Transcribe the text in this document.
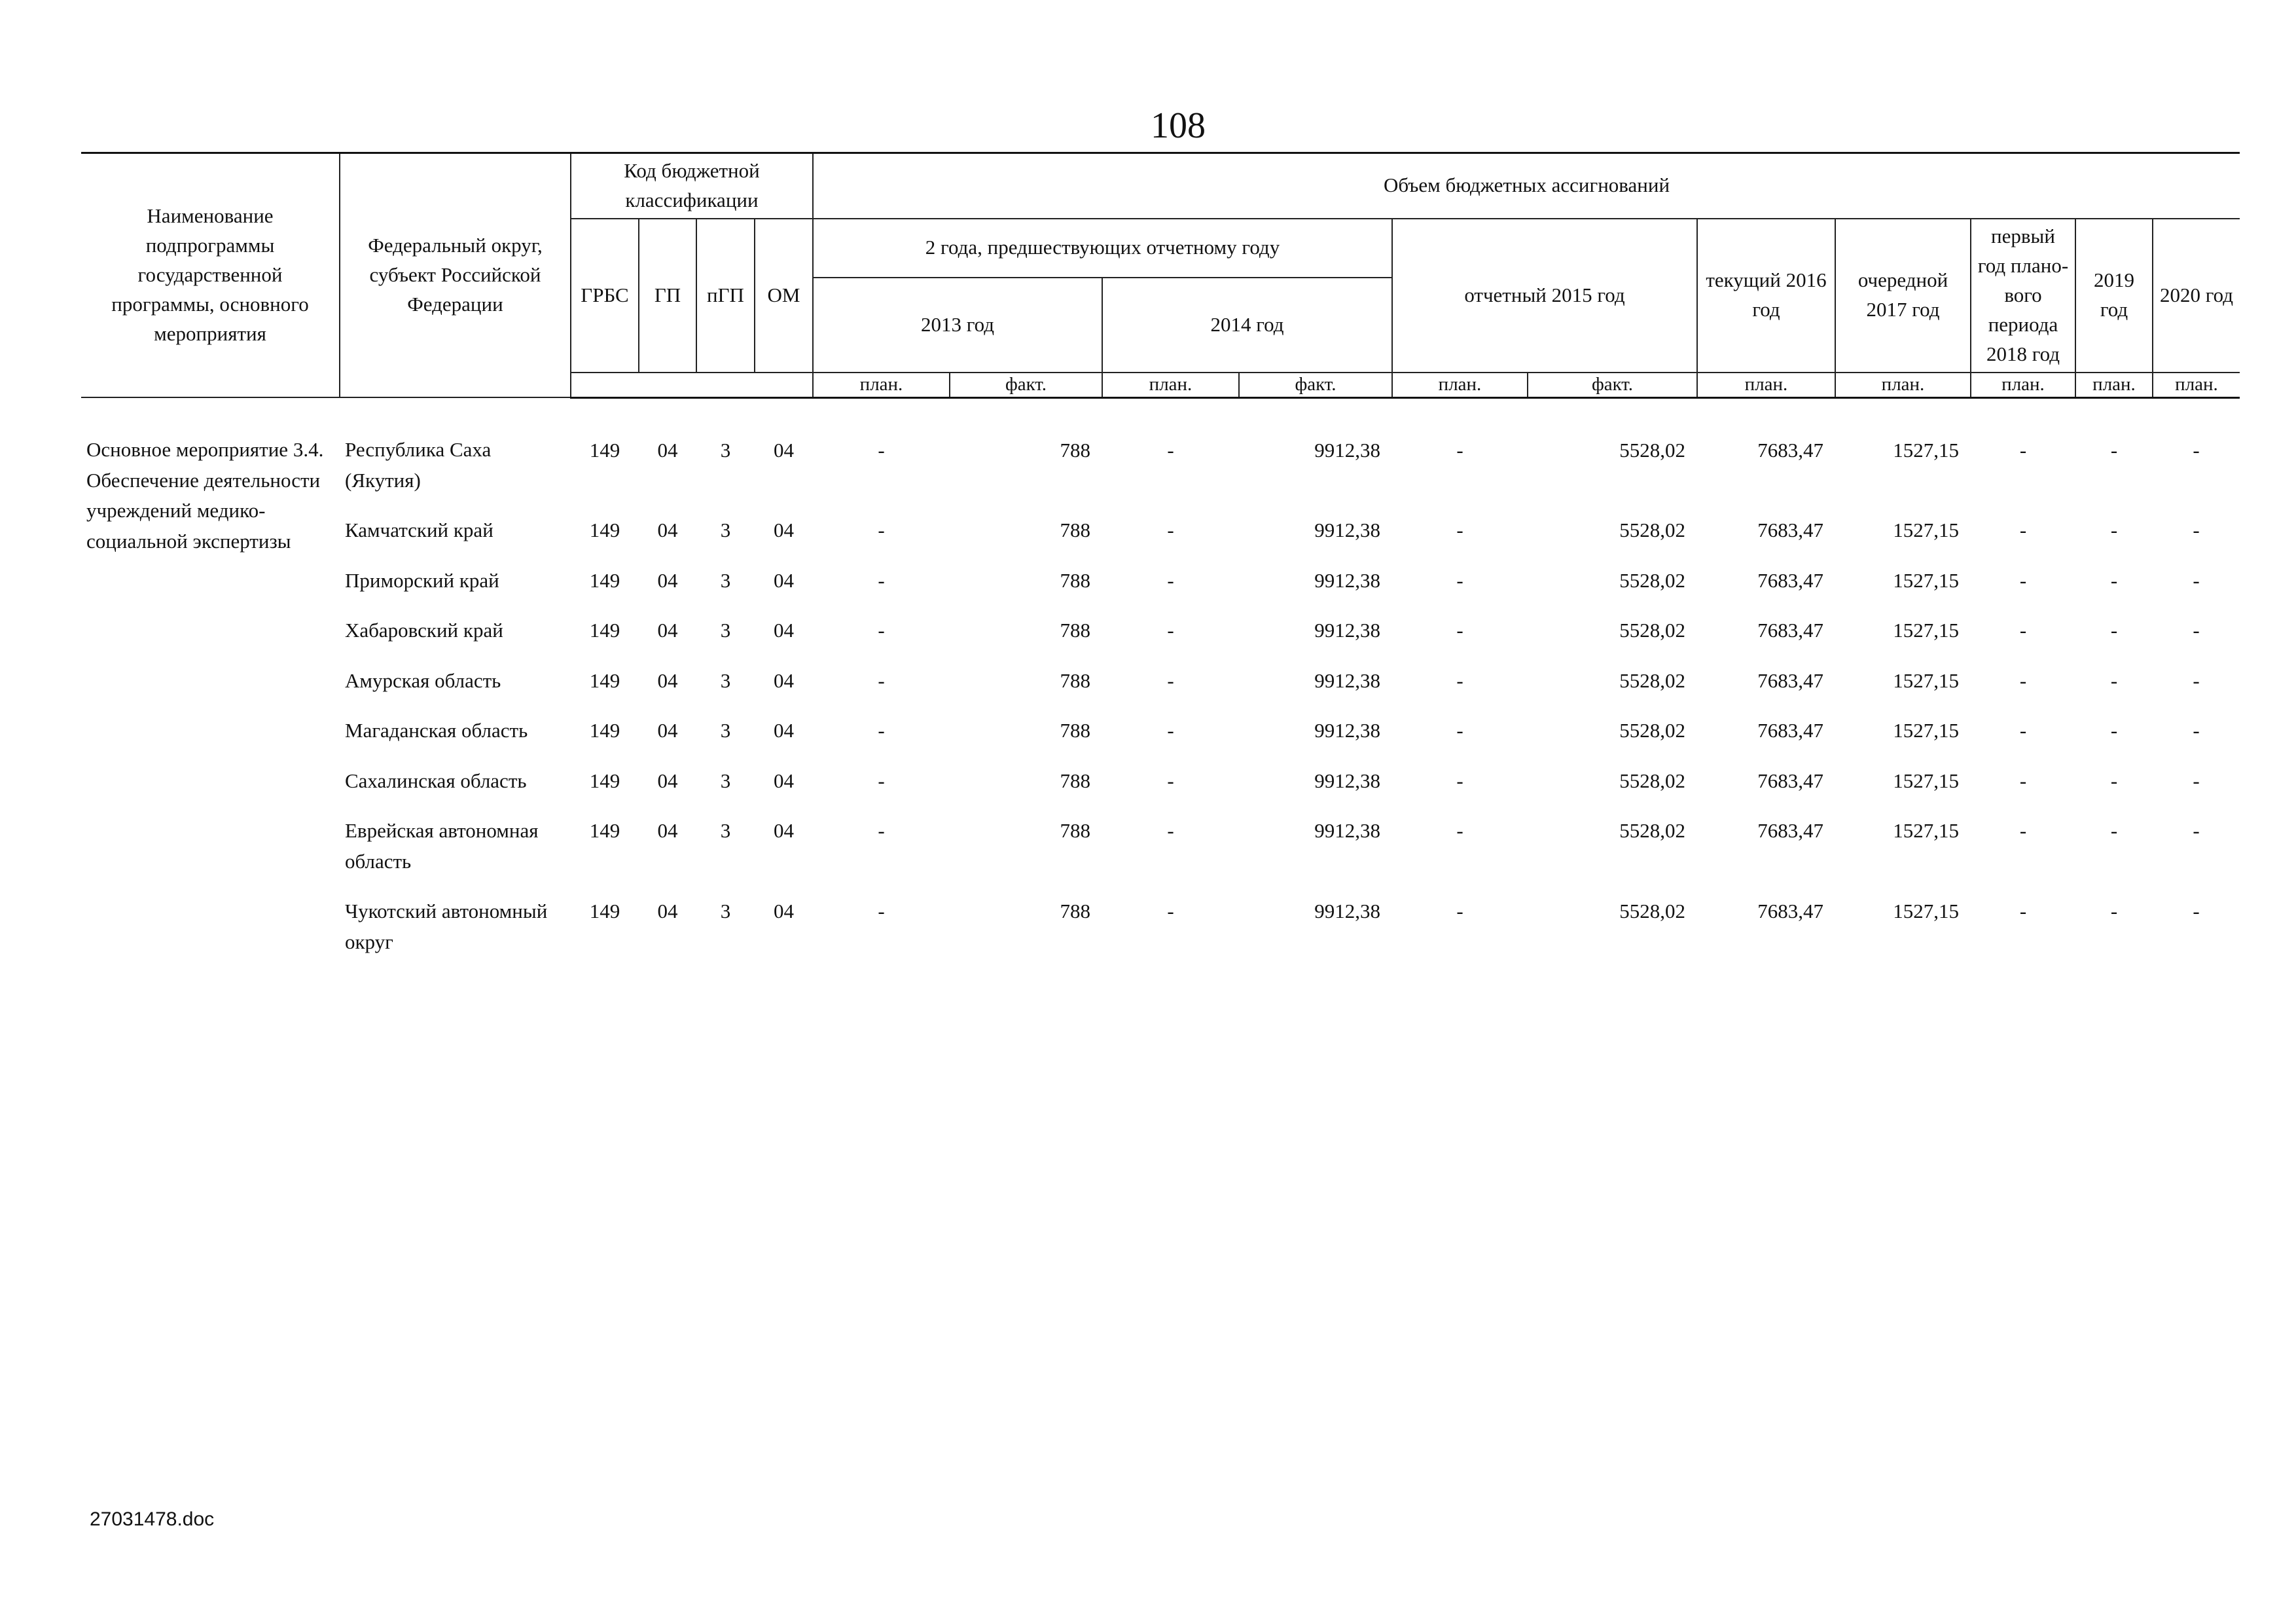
108
Наименование подпрограммы государственной программы, основного мероприятия	Федеральный округ, субъект Российской Федерации	Код бюджетной классификации				Объем бюджетных ассигнований										
		ГРБС	ГП	пГП	ОМ	2 года, предшествующих отчетному году				отчетный 2015 год		текущий 2016 год	очередной 2017 год	первый год плано-вого периода 2018 год	2019 год	2020 год
						2013 год		2014 год								
						план.	факт.	план.	факт.	план.	факт.	план.	план.	план.	план.	план.
Основное мероприятие 3.4. Обеспечение деятельности учреждений медико-социальной экспертизы	Республика Саха (Якутия)	149	04	3	04	-	788	-	9912,38	-	5528,02	7683,47	1527,15	-	-	-
	Камчатский край	149	04	3	04	-	788	-	9912,38	-	5528,02	7683,47	1527,15	-	-	-
	Приморский край	149	04	3	04	-	788	-	9912,38	-	5528,02	7683,47	1527,15	-	-	-
	Хабаровский край	149	04	3	04	-	788	-	9912,38	-	5528,02	7683,47	1527,15	-	-	-
	Амурская область	149	04	3	04	-	788	-	9912,38	-	5528,02	7683,47	1527,15	-	-	-
	Магаданская область	149	04	3	04	-	788	-	9912,38	-	5528,02	7683,47	1527,15	-	-	-
	Сахалинская область	149	04	3	04	-	788	-	9912,38	-	5528,02	7683,47	1527,15	-	-	-
	Еврейская автономная область	149	04	3	04	-	788	-	9912,38	-	5528,02	7683,47	1527,15	-	-	-
	Чукотский автономный округ	149	04	3	04	-	788	-	9912,38	-	5528,02	7683,47	1527,15	-	-	-
27031478.doc
